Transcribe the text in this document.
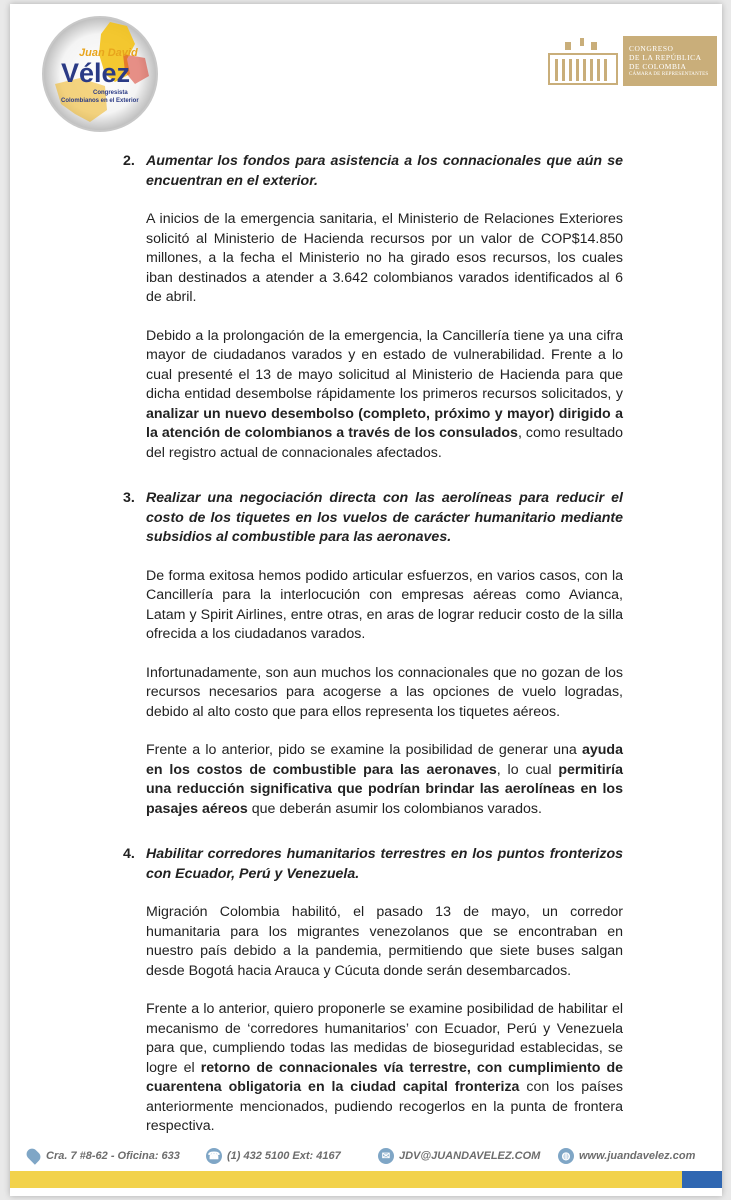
Juan David
Vélez
Congresista
Colombianos en el Exterior
CONGRESO
DE LA REPÚBLICA
DE COLOMBIA
CÁMARA DE REPRESENTANTES
2. Aumentar los fondos para asistencia a los connacionales que aún se encuentran en el exterior.

A inicios de la emergencia sanitaria, el Ministerio de Relaciones Exteriores solicitó al Ministerio de Hacienda recursos por un valor de COP$14.850 millones, a la fecha el Ministerio no ha girado esos recursos, los cuales iban destinados a atender a 3.642 colombianos varados identificados al 6 de abril.

Debido a la prolongación de la emergencia, la Cancillería tiene ya una cifra mayor de ciudadanos varados y en estado de vulnerabilidad. Frente a lo cual presenté el 13 de mayo solicitud al Ministerio de Hacienda para que dicha entidad desembolse rápidamente los primeros recursos solicitados, y analizar un nuevo desembolso (completo, próximo y mayor) dirigido a la atención de colombianos a través de los consulados, como resultado del registro actual de connacionales afectados.

3. Realizar una negociación directa con las aerolíneas para reducir el costo de los tiquetes en los vuelos de carácter humanitario mediante subsidios al combustible para las aeronaves.

De forma exitosa hemos podido articular esfuerzos, en varios casos, con la Cancillería para la interlocución con empresas aéreas como Avianca, Latam y Spirit Airlines, entre otras, en aras de lograr reducir costo de la silla ofrecida a los ciudadanos varados.

Infortunadamente, son aun muchos los connacionales que no gozan de los recursos necesarios para acogerse a las opciones de vuelo logradas, debido al alto costo que para ellos representa los tiquetes aéreos.

Frente a lo anterior, pido se examine la posibilidad de generar una ayuda en los costos de combustible para las aeronaves, lo cual permitiría una reducción significativa que podrían brindar las aerolíneas en los pasajes aéreos que deberán asumir los colombianos varados.

4. Habilitar corredores humanitarios terrestres en los puntos fronterizos con Ecuador, Perú y Venezuela.

Migración Colombia habilitó, el pasado 13 de mayo, un corredor humanitaria para los migrantes venezolanos que se encontraban en nuestro país debido a la pandemia, permitiendo que siete buses salgan desde Bogotá hacia Arauca y Cúcuta donde serán desembarcados.

Frente a lo anterior, quiero proponerle se examine posibilidad de habilitar el mecanismo de ‘corredores humanitarios’ con Ecuador, Perú y Venezuela para que, cumpliendo todas las medidas de bioseguridad establecidas, se logre el retorno de connacionales vía terrestre, con cumplimiento de cuarentena obligatoria en la ciudad capital fronteriza con los países anteriormente mencionados, pudiendo recogerlos en la punta de frontera respectiva.

Cra. 7 #8-62 - Oficina: 633	☎ (1) 432 5100 Ext: 4167	✉ JDV@JUANDAVELEZ.COM	◍ www.juandavelez.com
